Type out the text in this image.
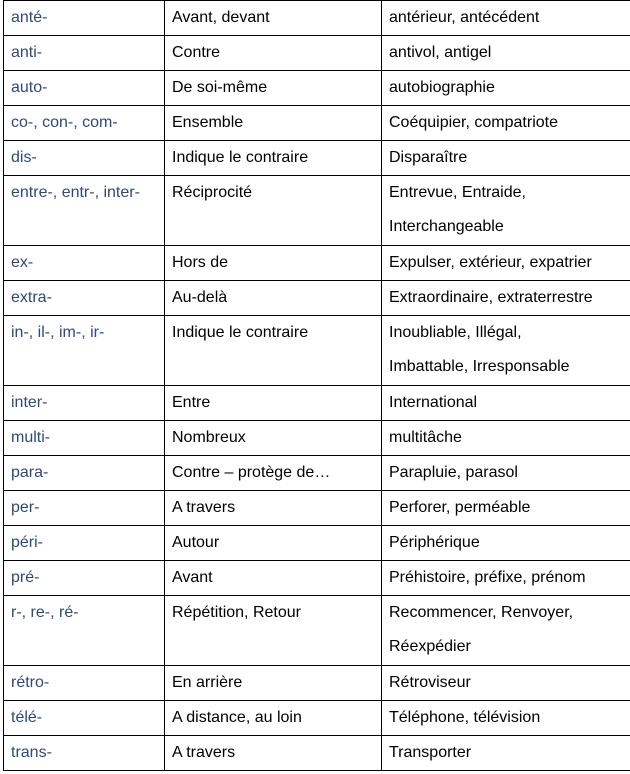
anté-	Avant, devant	antérieur, antécédent

anti-	Contre	antivol, antigel

auto-	De soi-même	autobiographie

co-, con-, com-	Ensemble	Coéquipier, compatriote

dis-	Indique le contraire	Disparaître

entre-, entr-, inter-	Réciprocité	Entrevue, Entraide,
Interchangeable

ex-	Hors de	Expulser, extérieur, expatrier

extra-	Au-delà	Extraordinaire, extraterrestre

in-, il-, im-, ir-	Indique le contraire	Inoubliable, Illégal,
Imbattable, Irresponsable

inter-	Entre	International

multi-	Nombreux	multitâche

para-	Contre – protège de…	Parapluie, parasol

per-	A travers	Perforer, perméable

péri-	Autour	Périphérique

pré-	Avant	Préhistoire, préfixe, prénom

r-, re-, ré-	Répétition, Retour	Recommencer, Renvoyer,
Réexpédier

rétro-	En arrière	Rétroviseur

télé-	A distance, au loin	Téléphone, télévision

trans-	A travers	Transporter
